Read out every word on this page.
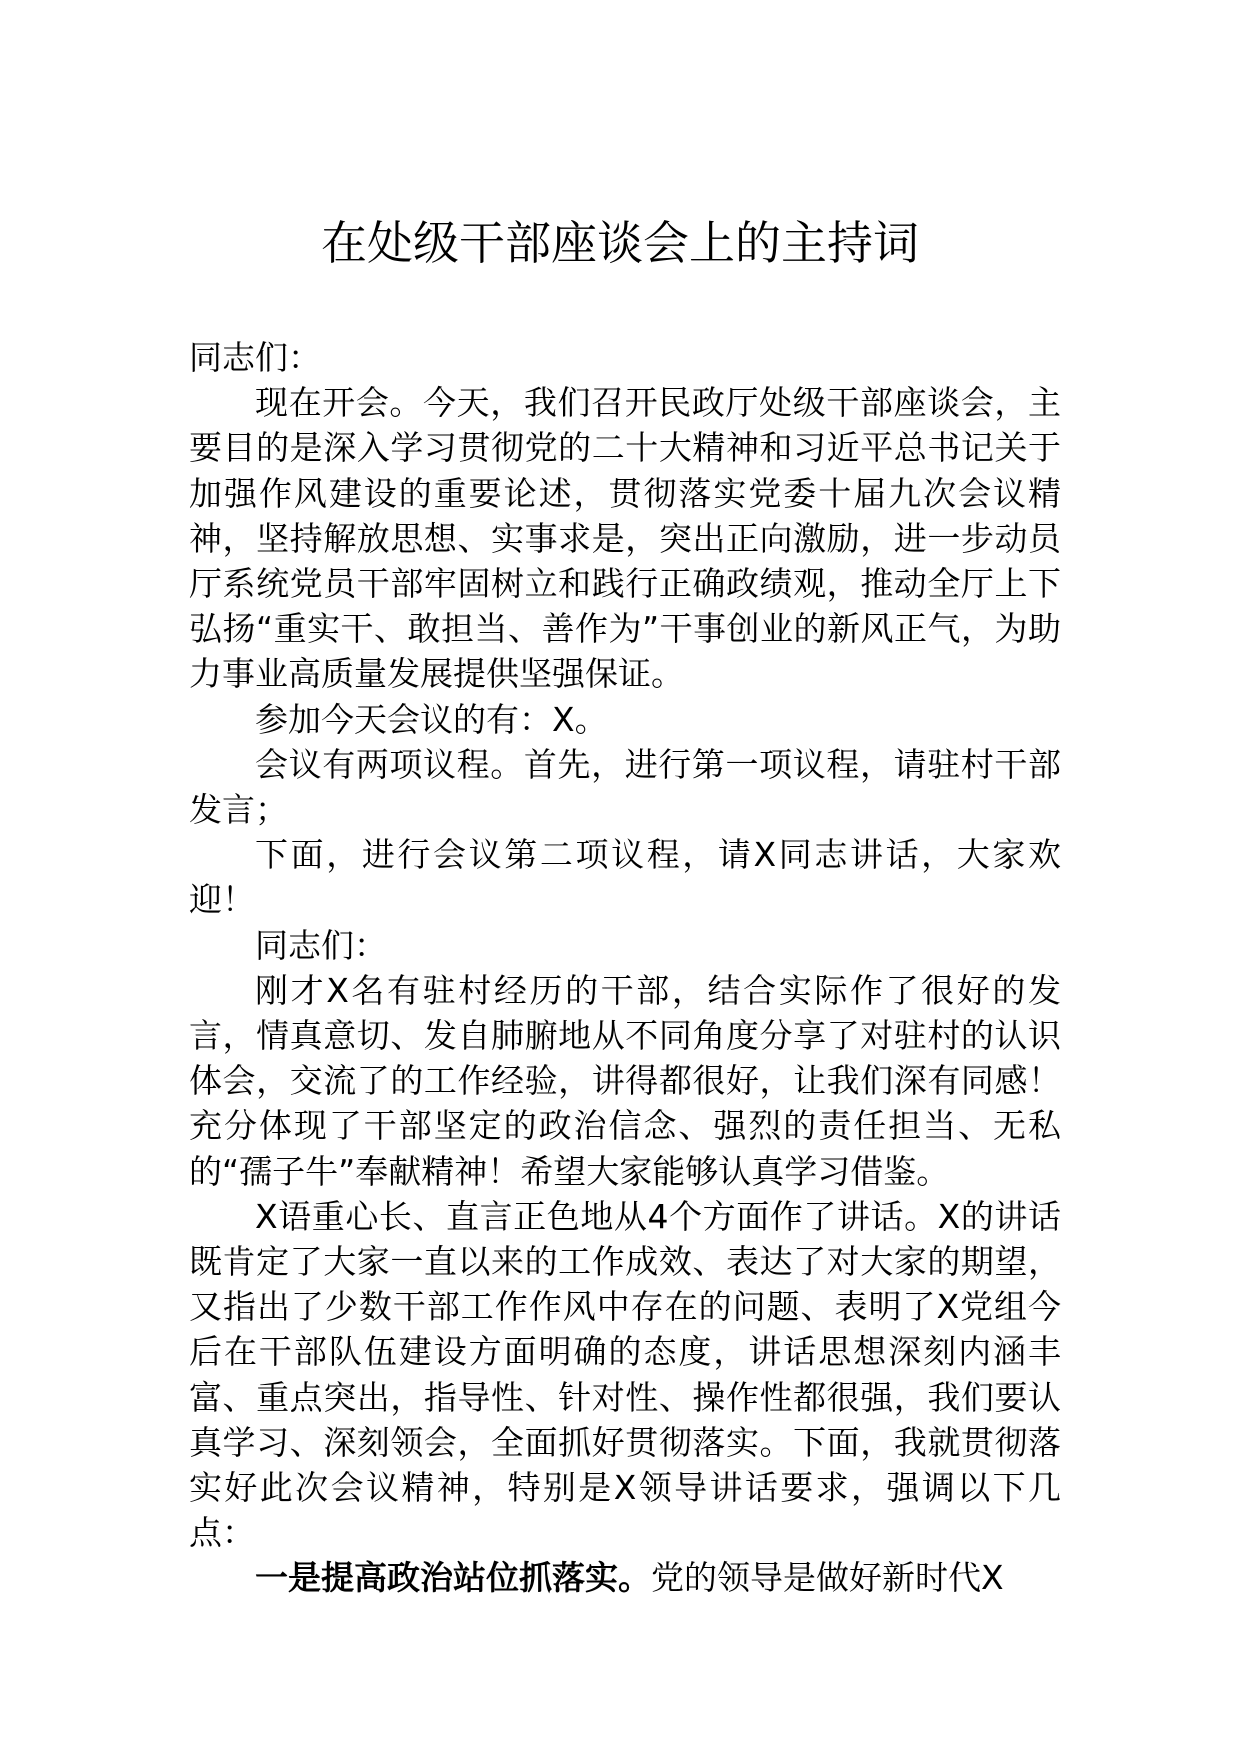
在处级干部座谈会上的主持词

同志们：

现在开会。今天，我们召开民政厅处级干部座谈会，主要目的是深入学习贯彻党的二十大精神和习近平总书记关于加强作风建设的重要论述，贯彻落实党委十届九次会议精神，坚持解放思想、实事求是，突出正向激励，进一步动员厅系统党员干部牢固树立和践行正确政绩观，推动全厅上下弘扬“重实干、敢担当、善作为”干事创业的新风正气，为助力事业高质量发展提供坚强保证。

参加今天会议的有：X。

会议有两项议程。首先，进行第一项议程，请驻村干部发言；

下面，进行会议第二项议程，请X同志讲话，大家欢迎！

同志们：

刚才X名有驻村经历的干部，结合实际作了很好的发言，情真意切、发自肺腑地从不同角度分享了对驻村的认识体会，交流了的工作经验，讲得都很好，让我们深有同感！充分体现了干部坚定的政治信念、强烈的责任担当、无私的“孺子牛”奉献精神！希望大家能够认真学习借鉴。

X语重心长、直言正色地从4个方面作了讲话。X的讲话既肯定了大家一直以来的工作成效、表达了对大家的期望，又指出了少数干部工作作风中存在的问题、表明了X党组今后在干部队伍建设方面明确的态度，讲话思想深刻内涵丰富、重点突出，指导性、针对性、操作性都很强，我们要认真学习、深刻领会，全面抓好贯彻落实。下面，我就贯彻落实好此次会议精神，特别是X领导讲话要求，强调以下几点：

一是提高政治站位抓落实。党的领导是做好新时代X
